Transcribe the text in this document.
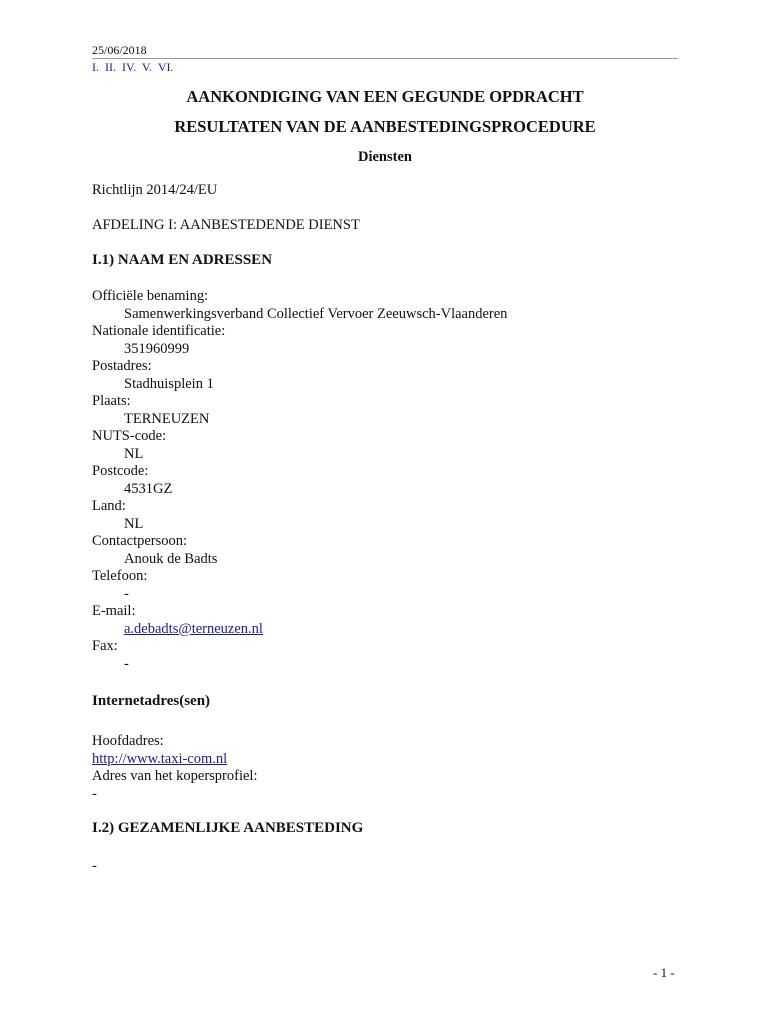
25/06/2018
I. II. IV. V. VI.
AANKONDIGING VAN EEN GEGUNDE OPDRACHT
RESULTATEN VAN DE AANBESTEDINGSPROCEDURE
Diensten
Richtlijn 2014/24/EU
AFDELING I: AANBESTEDENDE DIENST
I.1) NAAM EN ADRESSEN
Officiële benaming:
Samenwerkingsverband Collectief Vervoer Zeeuwsch-Vlaanderen
Nationale identificatie:
351960999
Postadres:
Stadhuisplein 1
Plaats:
TERNEUZEN
NUTS-code:
NL
Postcode:
4531GZ
Land:
NL
Contactpersoon:
Anouk de Badts
Telefoon:
-
E-mail:
a.debadts@terneuzen.nl
Fax:
-
Internetadres(sen)
Hoofdadres:
http://www.taxi-com.nl
Adres van het kopersprofiel:
-
I.2) GEZAMENLIJKE AANBESTEDING
-
- 1 -
